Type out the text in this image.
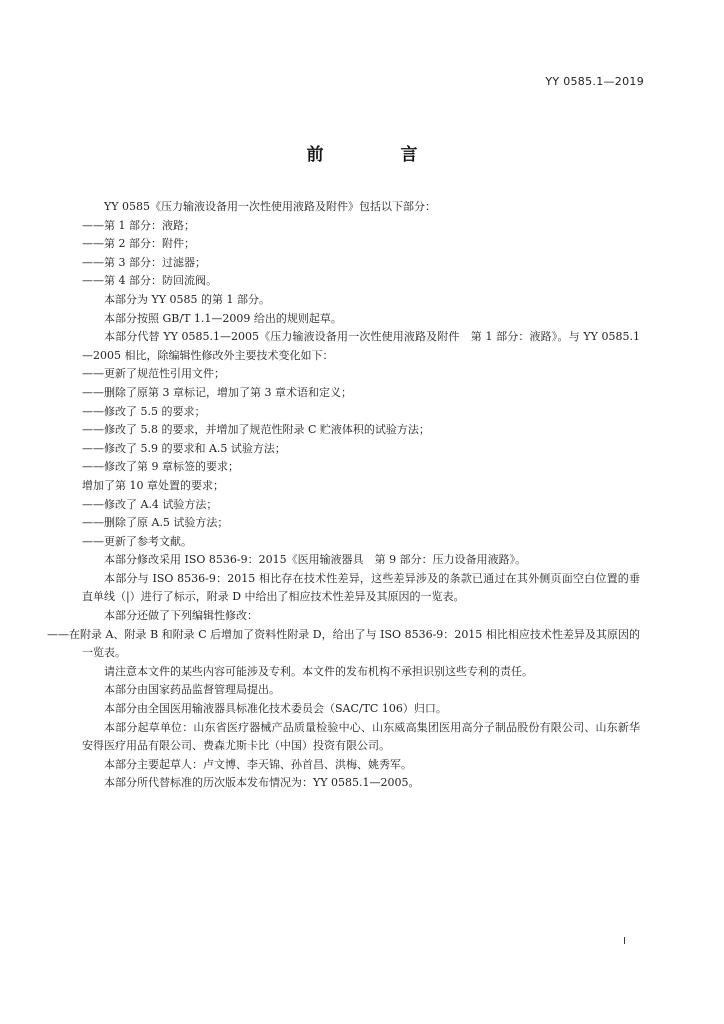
YY 0585.1—2019
前　言

YY 0585《压力输液设备用一次性使用液路及附件》包括以下部分：

——第 1 部分：液路；

——第 2 部分：附件；

——第 3 部分：过滤器；

——第 4 部分：防回流阀。

本部分为 YY 0585 的第 1 部分。

本部分按照 GB/T 1.1—2009 给出的规则起草。

本部分代替 YY 0585.1—2005《压力输液设备用一次性使用液路及附件　第 1 部分：液路》。与 YY 0585.1—2005 相比，除编辑性修改外主要技术变化如下：

——更新了规范性引用文件；

——删除了原第 3 章标记，增加了第 3 章术语和定义；

——修改了 5.5 的要求；

——修改了 5.8 的要求，并增加了规范性附录 C 贮液体积的试验方法；

——修改了 5.9 的要求和 A.5 试验方法；

——修改了第 9 章标签的要求；

增加了第 10 章处置的要求；

——修改了 A.4 试验方法；

——删除了原 A.5 试验方法；

——更新了参考文献。

本部分修改采用 ISO 8536-9：2015《医用输液器具　第 9 部分：压力设备用液路》。

本部分与 ISO 8536-9：2015 相比存在技术性差异，这些差异涉及的条款已通过在其外侧页面空白位置的垂直单线（|）进行了标示，附录 D 中给出了相应技术性差异及其原因的一览表。

本部分还做了下列编辑性修改：

——在附录 A、附录 B 和附录 C 后增加了资料性附录 D，给出了与 ISO 8536-9：2015 相比相应技术性差异及其原因的一览表。

请注意本文件的某些内容可能涉及专利。本文件的发布机构不承担识别这些专利的责任。

本部分由国家药品监督管理局提出。

本部分由全国医用输液器具标准化技术委员会（SAC/TC 106）归口。

本部分起草单位：山东省医疗器械产品质量检验中心、山东威高集团医用高分子制品股份有限公司、山东新华安得医疗用品有限公司、费森尤斯卡比（中国）投资有限公司。

本部分主要起草人：卢文博、李天锦、孙首昌、洪梅、姚秀军。

本部分所代替标准的历次版本发布情况为：YY 0585.1—2005。

I
